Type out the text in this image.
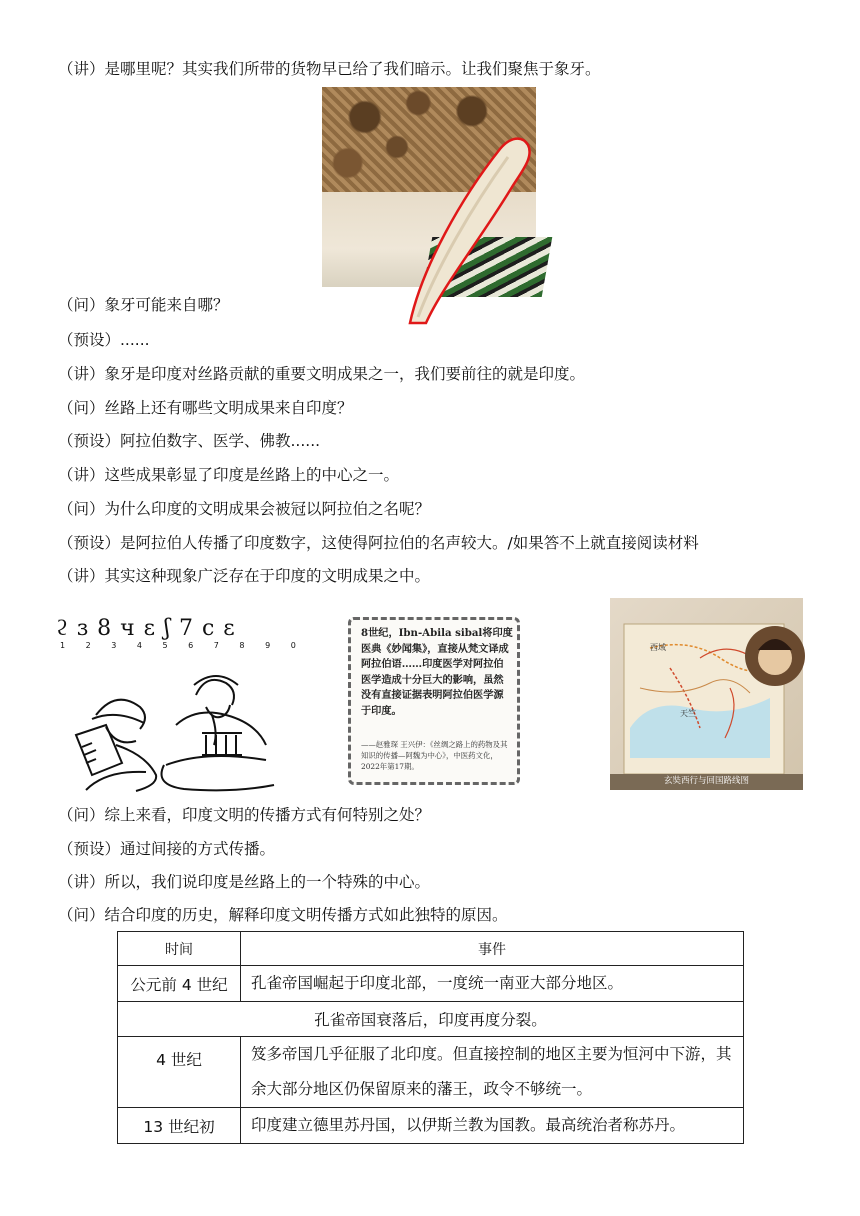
（讲）是哪里呢？其实我们所带的货物早已给了我们暗示。让我们聚焦于象牙。
（问）象牙可能来自哪？
（预设）......
（讲）象牙是印度对丝路贡献的重要文明成果之一，我们要前往的就是印度。
（问）丝路上还有哪些文明成果来自印度？
（预设）阿拉伯数字、医学、佛教......
（讲）这些成果彰显了印度是丝路上的中心之一。
（问）为什么印度的文明成果会被冠以阿拉伯之名呢？
（预设）是阿拉伯人传播了印度数字，这使得阿拉伯的名声较大。/如果答不上就直接阅读材料
（讲）其实这种现象广泛存在于印度的文明成果之中。
ϩ ɜ 8 ч ε ʃ 7 ϲ ε
1 2 3 4 5 6 7 8 9 0
8世纪，Ibn-Abila sibal将印度医典《妙闻集》，直接从梵文译成阿拉伯语……印度医学对阿拉伯医学造成十分巨大的影响，虽然没有直接证据表明阿拉伯医学源于印度。
——赵雅琛 王兴伊：《丝绸之路上的药物及其知识的传播—阿魏为中心》，中医药文化，2022年第17期。
西域
天竺
玄奘西行与回国路线图
（问）综上来看，印度文明的传播方式有何特别之处？
（预设）通过间接的方式传播。
（讲）所以，我们说印度是丝路上的一个特殊的中心。
（问）结合印度的历史，解释印度文明传播方式如此独特的原因。
时间	事件
公元前 4 世纪	孔雀帝国崛起于印度北部，一度统一南亚大部分地区。
孔雀帝国衰落后，印度再度分裂。	
4 世纪	笈多帝国几乎征服了北印度。但直接控制的地区主要为恒河中下游，其余大部分地区仍保留原来的藩王，政令不够统一。
13 世纪初	印度建立德里苏丹国，以伊斯兰教为国教。最高统治者称苏丹。
